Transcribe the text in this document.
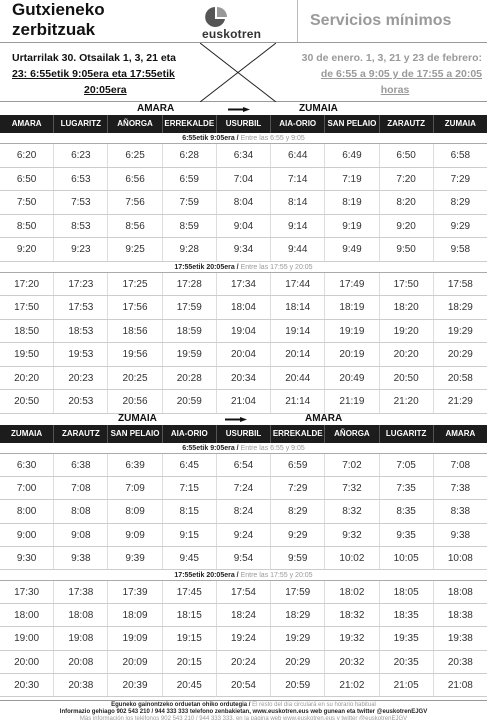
Gutxieneko zerbitzuak	euskotren
Servicios mínimos
Urtarrilak 30. Otsailak 1, 3, 21 eta
23: 6:55etik 9:05era eta 17:55etik
20:05era
30 de enero. 1, 3, 21 y 23 de febrero:
de 6:55 a 9:05 y de 17:55 a 20:05
horas
AMARA	ZUMAIA
AMARA	LUGARITZ	AÑORGA	ERREKALDE	USURBIL	AIA-ORIO	SAN PELAIO	ZARAUTZ	ZUMAIA
6:55etik 9:05era / Entre las 6:55 y 9:05
6:20	6:23	6:25	6:28	6:34	6:44	6:49	6:50	6:58
6:50	6:53	6:56	6:59	7:04	7:14	7:19	7:20	7:29
7:50	7:53	7:56	7:59	8:04	8:14	8:19	8:20	8:29
8:50	8:53	8:56	8:59	9:04	9:14	9:19	9:20	9:29
9:20	9:23	9:25	9:28	9:34	9:44	9:49	9:50	9:58
17:55etik 20:05era / Entre las 17:55 y 20:05
17:20	17:23	17:25	17:28	17:34	17:44	17:49	17:50	17:58
17:50	17:53	17:56	17:59	18:04	18:14	18:19	18:20	18:29
18:50	18:53	18:56	18:59	19:04	19:14	19:19	19:20	19:29
19:50	19:53	19:56	19:59	20:04	20:14	20:19	20:20	20:29
20:20	20:23	20:25	20:28	20:34	20:44	20:49	20:50	20:58
20:50	20:53	20:56	20:59	21:04	21:14	21:19	21:20	21:29
ZUMAIA	AMARA
ZUMAIA	ZARAUTZ	SAN PELAIO	AIA-ORIO	USURBIL	ERREKALDE	AÑORGA	LUGARITZ	AMARA
6:55etik 9:05era / Entre las 6:55 y 9:05
6:30	6:38	6:39	6:45	6:54	6:59	7:02	7:05	7:08
7:00	7:08	7:09	7:15	7:24	7:29	7:32	7:35	7:38
8:00	8:08	8:09	8:15	8:24	8:29	8:32	8:35	8:38
9:00	9:08	9:09	9:15	9:24	9:29	9:32	9:35	9:38
9:30	9:38	9:39	9:45	9:54	9:59	10:02	10:05	10:08
17:55etik 20:05era / Entre las 17:55 y 20:05
17:30	17:38	17:39	17:45	17:54	17:59	18:02	18:05	18:08
18:00	18:08	18:09	18:15	18:24	18:29	18:32	18:35	18:38
19:00	19:08	19:09	19:15	19:24	19:29	19:32	19:35	19:38
20:00	20:08	20:09	20:15	20:24	20:29	20:32	20:35	20:38
20:30	20:38	20:39	20:45	20:54	20:59	21:02	21:05	21:08
Eguneko gainontzeko orduetan ohiko ordutegia / El resto del día circulará en su horario habitual
Informazio gehiago 902 543 210 / 944 333 333 telefono zenbakietan, www.euskotren.eus web gunean eta twitter @euskotrenEJGV
Más información los teléfonos 902 543 210 / 944 333 333, en la página web www.euskotren.eus y twitter @euskotrenEJGV
